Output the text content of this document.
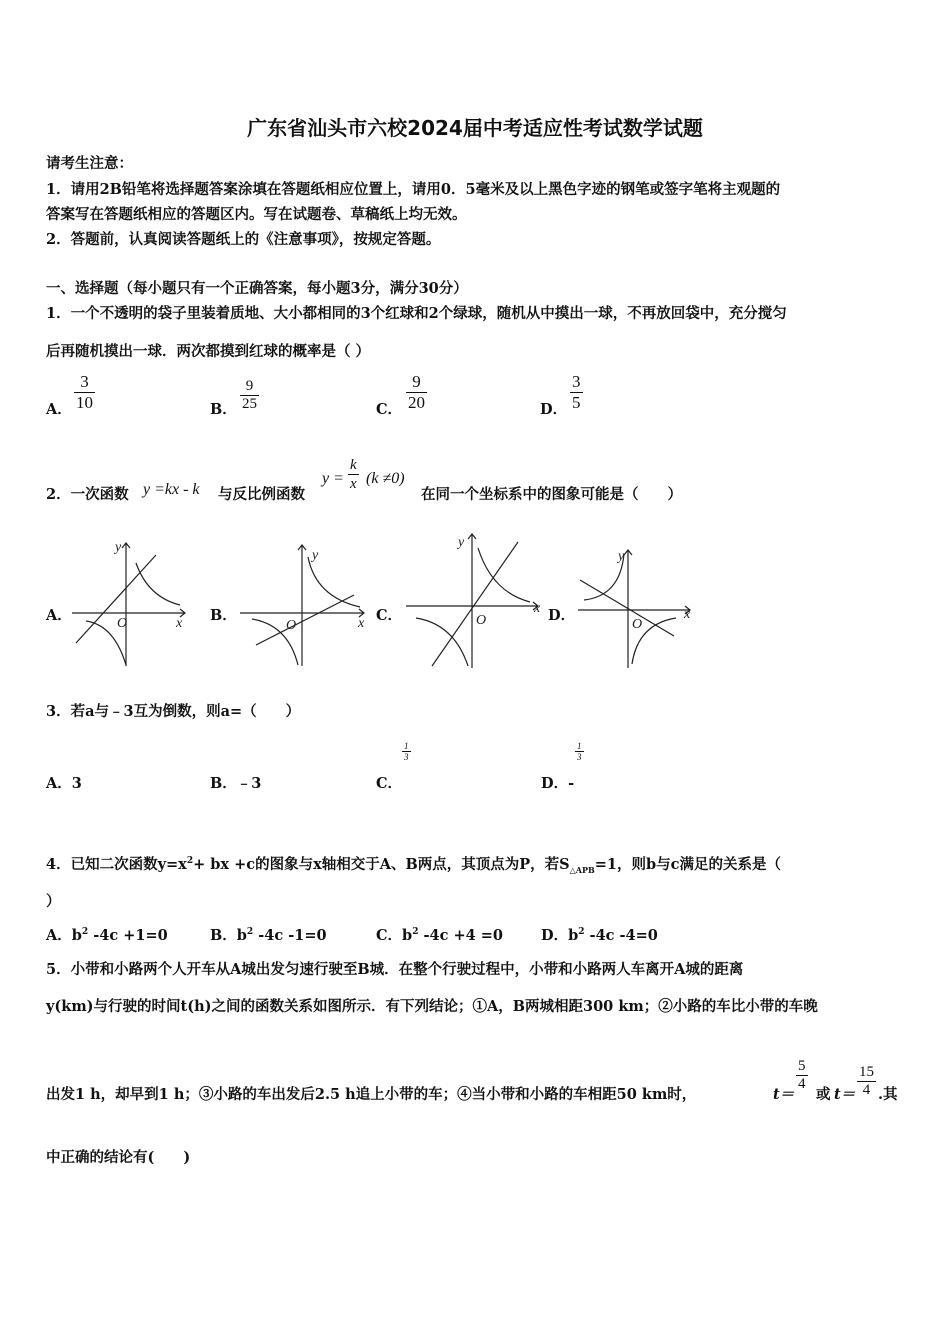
广东省汕头市六校2024届中考适应性考试数学试题
请考生注意：
1．请用2B铅笔将选择题答案涂填在答题纸相应位置上，请用0．5毫米及以上黑色字迹的钢笔或签字笔将主观题的
答案写在答题纸相应的答题区内。写在试题卷、草稿纸上均无效。
2．答题前，认真阅读答题纸上的《注意事项》，按规定答题。
一、选择题（每小题只有一个正确答案，每小题3分，满分30分）
1．一个不透明的袋子里装着质地、大小都相同的3个红球和2个绿球，随机从中摸出一球，不再放回袋中，充分搅匀
后再随机摸出一球．两次都摸到红球的概率是（ ）
A．
3
10	B．
9
25	C．
9
20	D．
3
5
2．一次函数 y =kx - k 与反比例函数
y =
k
x (k ≠0)
在同一个坐标系中的图象可能是（　　）
A．
y
x
O	B．
y
x
O
C．
y
x
O	D．
y
x
O
3．若a与﹣3互为倒数，则a=（　　）
A．3	B．﹣3	C．
1
3
D．-
1
3
4．已知二次函数$y=x^2+$ bx +c的图象与x轴相交于A、B两点，其顶点为P，若$S_{\triangle APB}=1$，则b与c满足的关系是（
）
A．$b^2$ -4c +1=0	B．$b^2$ -4c -1=0	C．$b^2$ -4c +4 =0	D．$b^2$ -4c -4=0
5．小带和小路两个人开车从A城出发匀速行驶至B城．在整个行驶过程中，小带和小路两人车离开A城的距离
y(km)与行驶的时间t(h)之间的函数关系如图所示．有下列结论；①A，B两城相距300 km；②小路的车比小带的车晚
出发1 h，却早到1 h；③小路的车出发后2.5 h追上小带的车；④当小带和小路的车相距50 km时，	t＝
5
4
或 t＝
15
4 .其
中正确的结论有(　　)
